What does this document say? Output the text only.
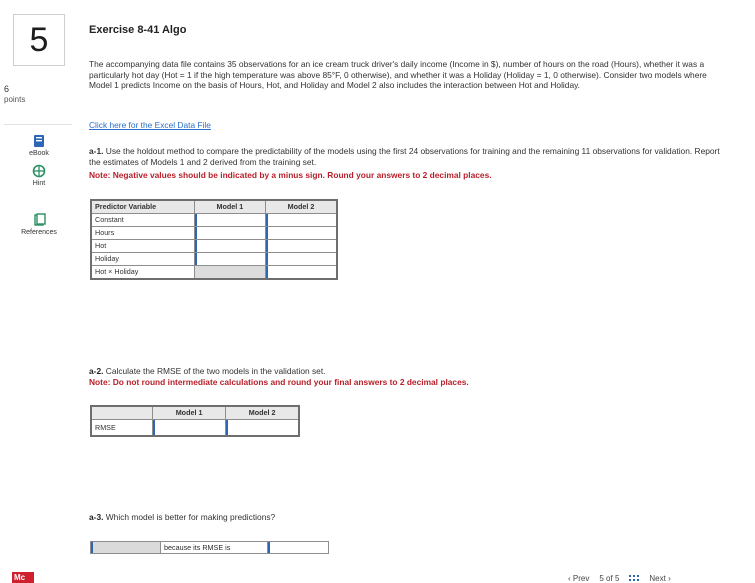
5
6
points
eBook
Hint
References
Mc
Exercise 8-41 Algo
The accompanying data file contains 35 observations for an ice cream truck driver's daily income (Income in $), number of hours on the road (Hours), whether it was a particularly hot day (Hot = 1 if the high temperature was above 85°F, 0 otherwise), and whether it was a Holiday (Holiday = 1, 0 otherwise). Consider two models where Model 1 predicts Income on the basis of Hours, Hot, and Holiday and Model 2 also includes the interaction between Hot and Holiday.
Click here for the Excel Data File
a-1. Use the holdout method to compare the predictability of the models using the first 24 observations for training and the remaining 11 observations for validation. Report the estimates of Models 1 and 2 derived from the training set.
Note: Negative values should be indicated by a minus sign. Round your answers to 2 decimal places.
Predictor Variable	Model 1	Model 2
Constant	

Hours	

Hot	

Holiday	

Hot × Holiday		
a-2. Calculate the RMSE of the two models in the validation set.
Note: Do not round intermediate calculations and round your final answers to 2 decimal places.
	Model 1	Model 2
RMSE	

a-3. Which model is better for making predictions?
because its RMSE is
‹ Prev 5 of 5	Next ›
